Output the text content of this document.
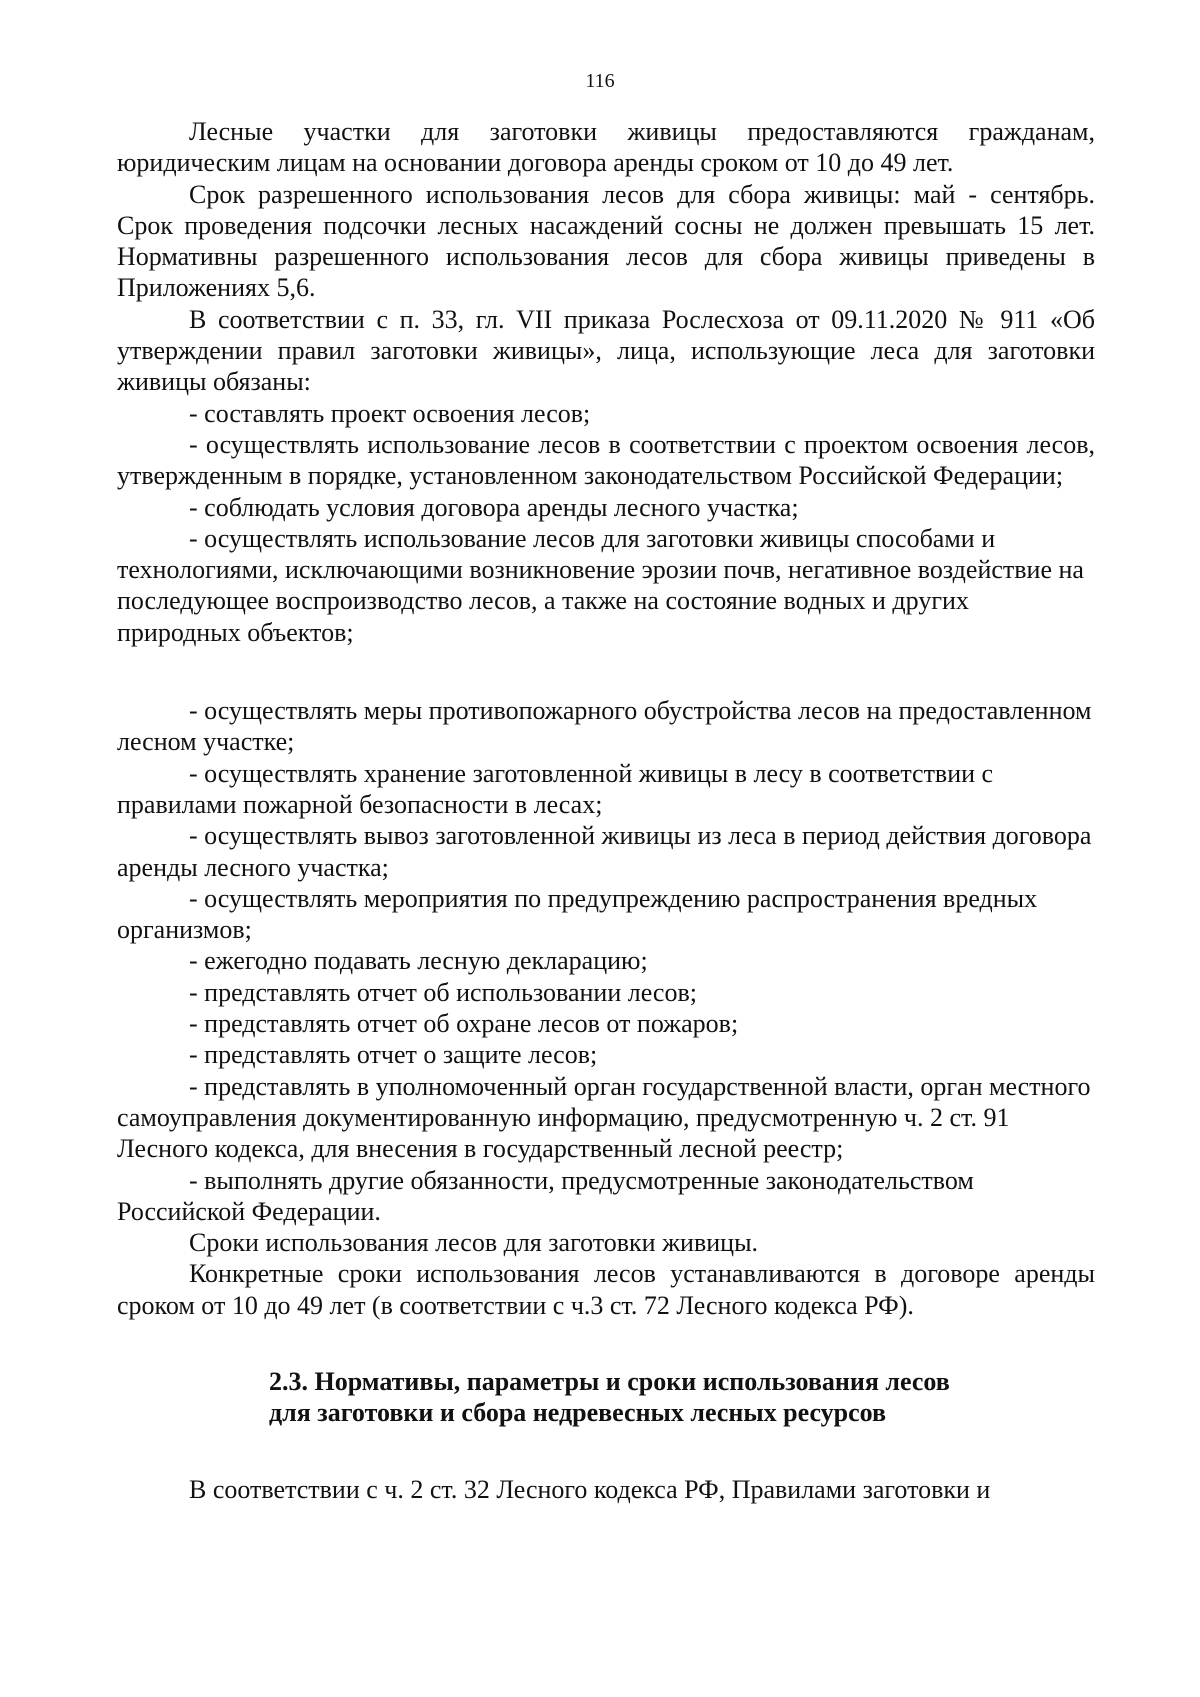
116

Лесные участки для заготовки живицы предоставляются гражданам, юридическим лицам на основании договора аренды сроком от 10 до 49 лет.

Срок разрешенного использования лесов для сбора живицы: май - сентябрь. Срок проведения подсочки лесных насаждений сосны не должен превышать 15 лет. Нормативны разрешенного использования лесов для сбора живицы приведены в Приложениях 5,6.

В соответствии с п. 33, гл. VII приказа Рослесхоза от 09.11.2020 № 911 «Об утверждении правил заготовки живицы», лица, использующие леса для заготовки живицы обязаны:

- составлять проект освоения лесов;

- осуществлять использование лесов в соответствии с проектом освоения лесов, утвержденным в порядке, установленном законодательством Российской Федерации;

- соблюдать условия договора аренды лесного участка;

- осуществлять использование лесов для заготовки живицы способами и технологиями, исключающими возникновение эрозии почв, негативное воздействие на последующее воспроизводство лесов, а также на состояние водных и других природных объектов;

- осуществлять меры противопожарного обустройства лесов на предоставленном лесном участке;

- осуществлять хранение заготовленной живицы в лесу в соответствии с правилами пожарной безопасности в лесах;

- осуществлять вывоз заготовленной живицы из леса в период действия договора аренды лесного участка;

- осуществлять мероприятия по предупреждению распространения вредных организмов;

- ежегодно подавать лесную декларацию;

- представлять отчет об использовании лесов;

- представлять отчет об охране лесов от пожаров;

- представлять отчет о защите лесов;

- представлять в уполномоченный орган государственной власти, орган местного самоуправления документированную информацию, предусмотренную ч. 2 ст. 91 Лесного кодекса, для внесения в государственный лесной реестр;

- выполнять другие обязанности, предусмотренные законодательством Российской Федерации.

Сроки использования лесов для заготовки живицы.

Конкретные сроки использования лесов устанавливаются в договоре аренды сроком от 10 до 49 лет (в соответствии с ч.3 ст. 72 Лесного кодекса РФ).

2.3. Нормативы, параметры и сроки использования лесов
для заготовки и сбора недревесных лесных ресурсов

В соответствии с ч. 2 ст. 32 Лесного кодекса РФ, Правилами заготовки и
